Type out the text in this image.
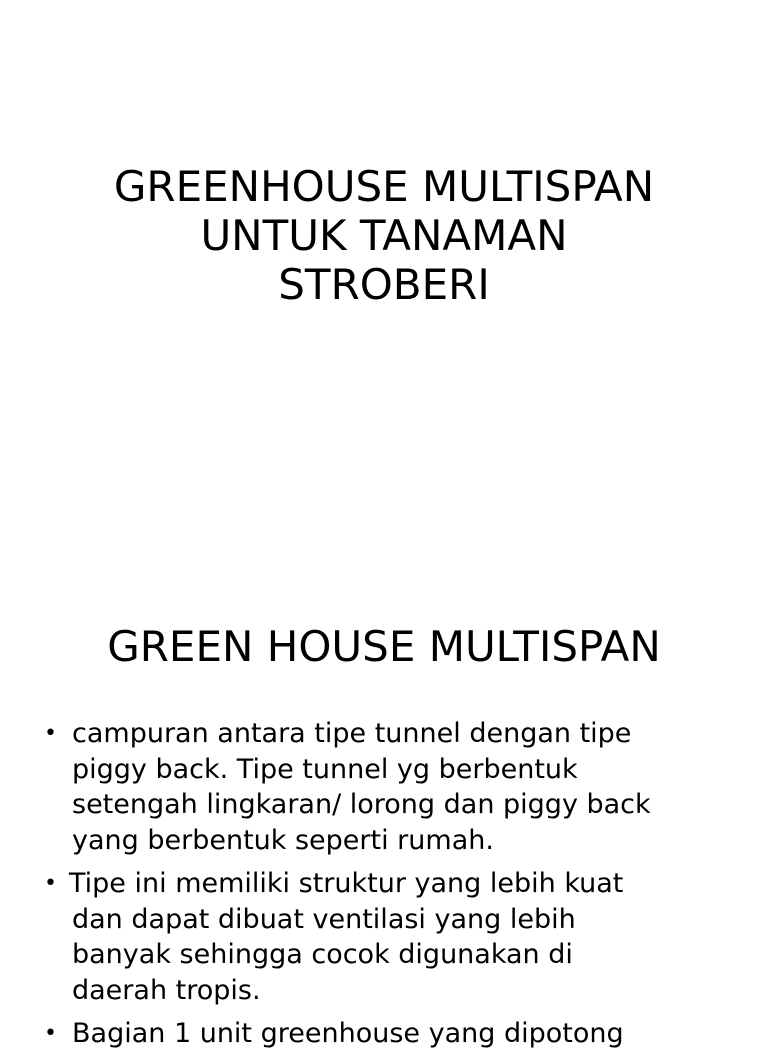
GREENHOUSE MULTISPAN
UNTUK TANAMAN
STROBERI
GREEN HOUSE MULTISPAN
• campuran antara tipe tunnel dengan tipe
piggy back. Tipe tunnel yg berbentuk
setengah lingkaran/ lorong dan piggy back
yang berbentuk seperti rumah.
• Tipe ini memiliki struktur yang lebih kuat
dan dapat dibuat ventilasi yang lebih
banyak sehingga cocok digunakan di
daerah tropis.
• Bagian 1 unit greenhouse yang dipotong
